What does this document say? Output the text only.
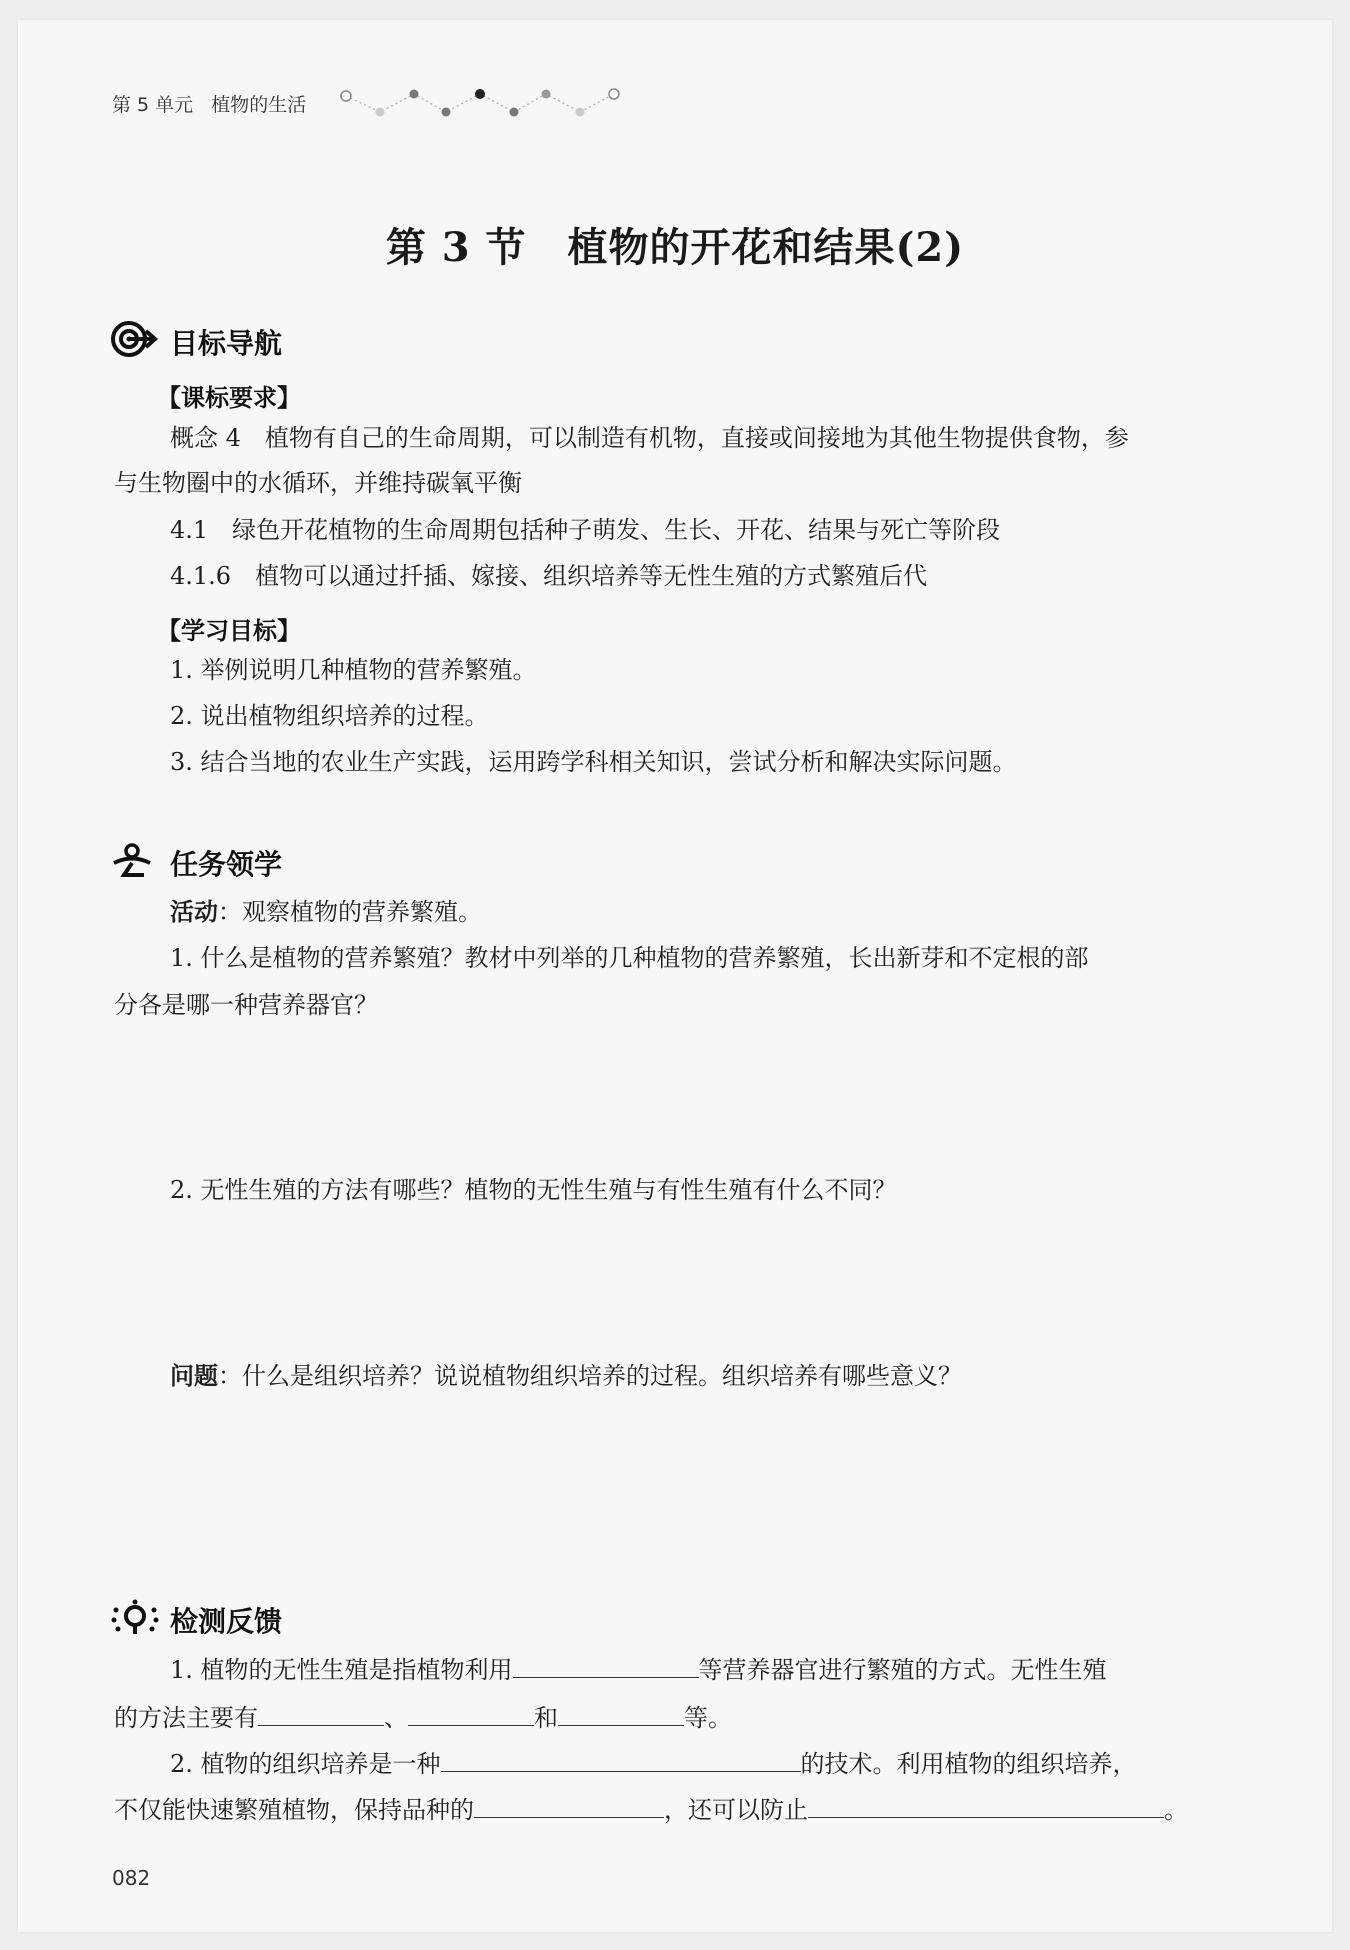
第 5 单元 植物的生活
第 3 节　植物的开花和结果(2)
目标导航
【课标要求】
概念 4　植物有自己的生命周期，可以制造有机物，直接或间接地为其他生物提供食物，参
与生物圈中的水循环，并维持碳氧平衡
4.1　绿色开花植物的生命周期包括种子萌发、生长、开花、结果与死亡等阶段
4.1.6　植物可以通过扦插、嫁接、组织培养等无性生殖的方式繁殖后代
【学习目标】
1. 举例说明几种植物的营养繁殖。
2. 说出植物组织培养的过程。
3. 结合当地的农业生产实践，运用跨学科相关知识，尝试分析和解决实际问题。
任务领学
活动：观察植物的营养繁殖。
1. 什么是植物的营养繁殖？教材中列举的几种植物的营养繁殖，长出新芽和不定根的部
分各是哪一种营养器官？
2. 无性生殖的方法有哪些？植物的无性生殖与有性生殖有什么不同？
问题：什么是组织培养？说说植物组织培养的过程。组织培养有哪些意义？
检测反馈
1. 植物的无性生殖是指植物利用	等营养器官进行繁殖的方式。无性生殖
的方法主要有	、	和	等。
2. 植物的组织培养是一种	的技术。利用植物的组织培养，
不仅能快速繁殖植物，保持品种的	，还可以防止	。
082
